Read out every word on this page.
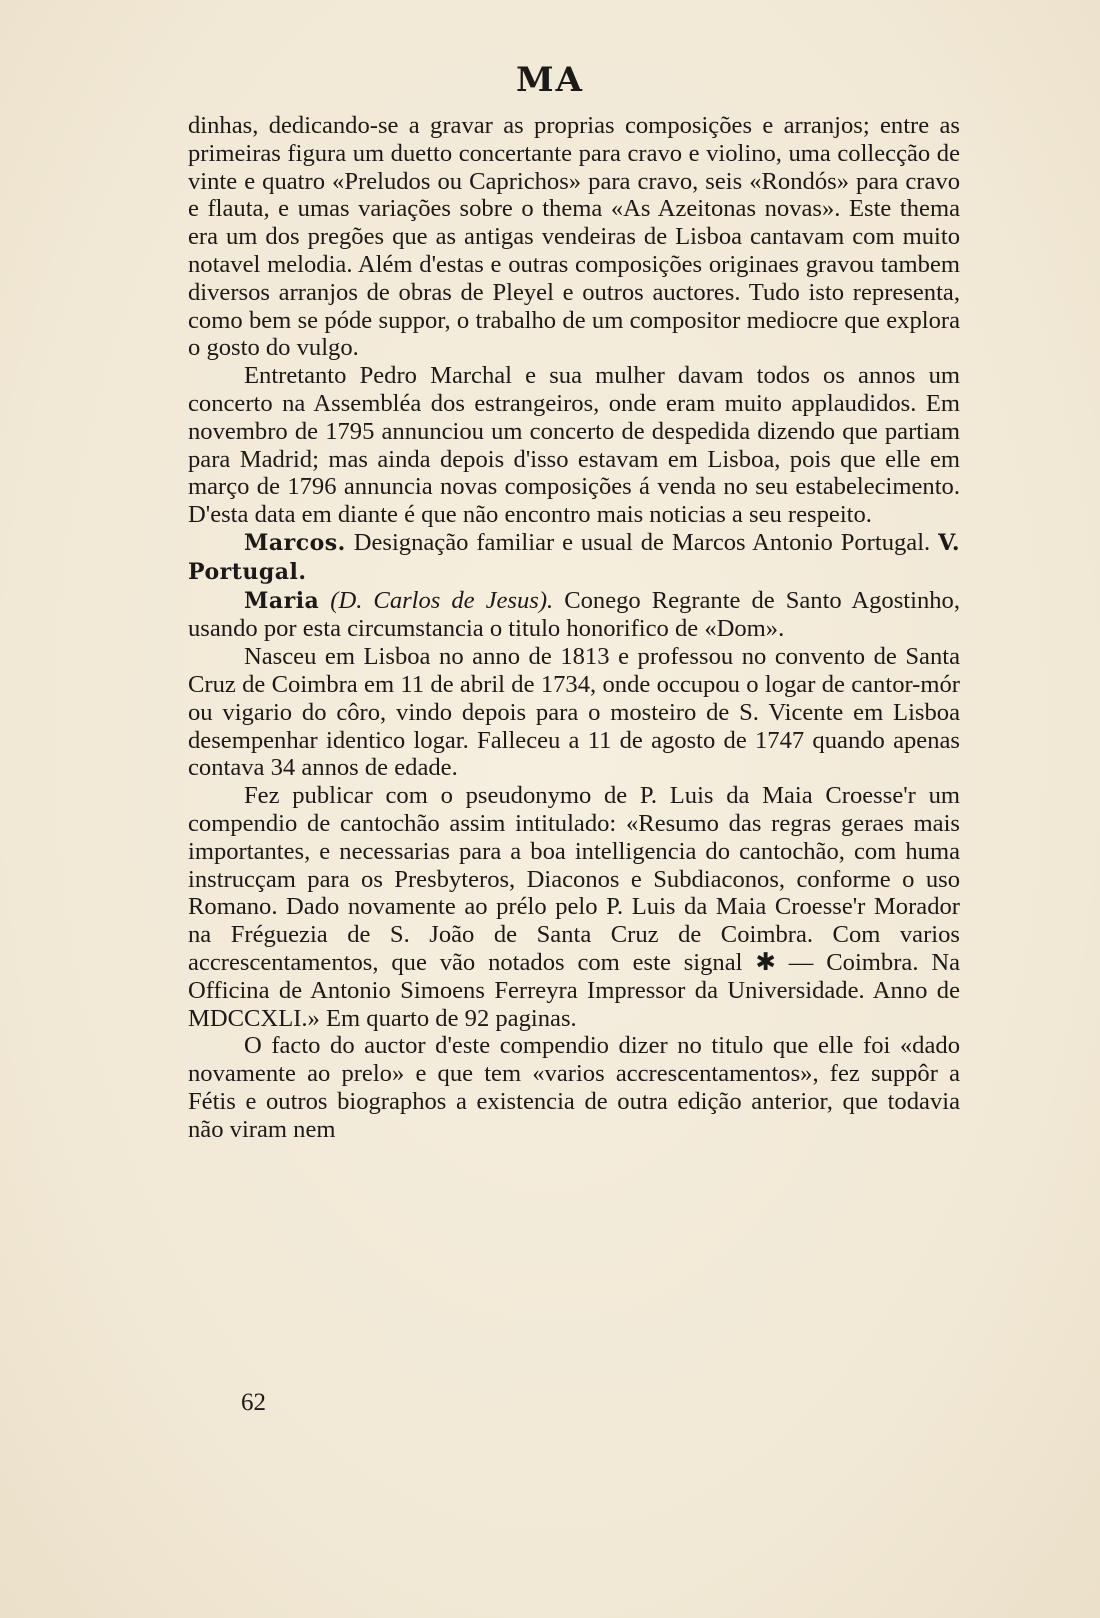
MA

dinhas, dedicando-se a gravar as proprias composições e arranjos; entre as primeiras figura um duetto concertante para cravo e violino, uma collecção de vinte e quatro «Preludos ou Caprichos» para cravo, seis «Rondós» para cravo e flauta, e umas variações sobre o thema «As Azeitonas novas». Este thema era um dos pregões que as antigas vendeiras de Lisboa cantavam com muito notavel melodia. Além d'estas e outras composições originaes gravou tambem diversos arranjos de obras de Pleyel e outros auctores. Tudo isto representa, como bem se póde suppor, o trabalho de um compositor mediocre que explora o gosto do vulgo.

Entretanto Pedro Marchal e sua mulher davam todos os annos um concerto na Assembléa dos estrangeiros, onde eram muito applaudidos. Em novembro de 1795 annunciou um concerto de despedida dizendo que partiam para Madrid; mas ainda depois d'isso estavam em Lisboa, pois que elle em março de 1796 annuncia novas composições á venda no seu estabelecimento. D'esta data em diante é que não encontro mais noticias a seu respeito.

Marcos. Designação familiar e usual de Marcos Antonio Portugal. V. Portugal.

Maria (D. Carlos de Jesus). Conego Regrante de Santo Agostinho, usando por esta circumstancia o titulo honorifico de «Dom».

Nasceu em Lisboa no anno de 1813 e professou no convento de Santa Cruz de Coimbra em 11 de abril de 1734, onde occupou o logar de cantor-mór ou vigario do côro, vindo depois para o mosteiro de S. Vicente em Lisboa desempenhar identico logar. Falleceu a 11 de agosto de 1747 quando apenas contava 34 annos de edade.

Fez publicar com o pseudonymo de P. Luis da Maia Croesse'r um compendio de cantochão assim intitulado: «Resumo das regras geraes mais importantes, e necessarias para a boa intelligencia do cantochão, com huma instrucçam para os Presbyteros, Diaconos e Subdiaconos, conforme o uso Romano. Dado novamente ao prélo pelo P. Luis da Maia Croesse'r Morador na Fréguezia de S. João de Santa Cruz de Coimbra. Com varios accrescentamentos, que vão notados com este signal ✱ — Coimbra. Na Officina de Antonio Simoens Ferreyra Impressor da Universidade. Anno de MDCCXLI.» Em quarto de 92 paginas.

O facto do auctor d'este compendio dizer no titulo que elle foi «dado novamente ao prelo» e que tem «varios accrescentamentos», fez suppôr a Fétis e outros biographos a existencia de outra edição anterior, que todavia não viram nem

62
